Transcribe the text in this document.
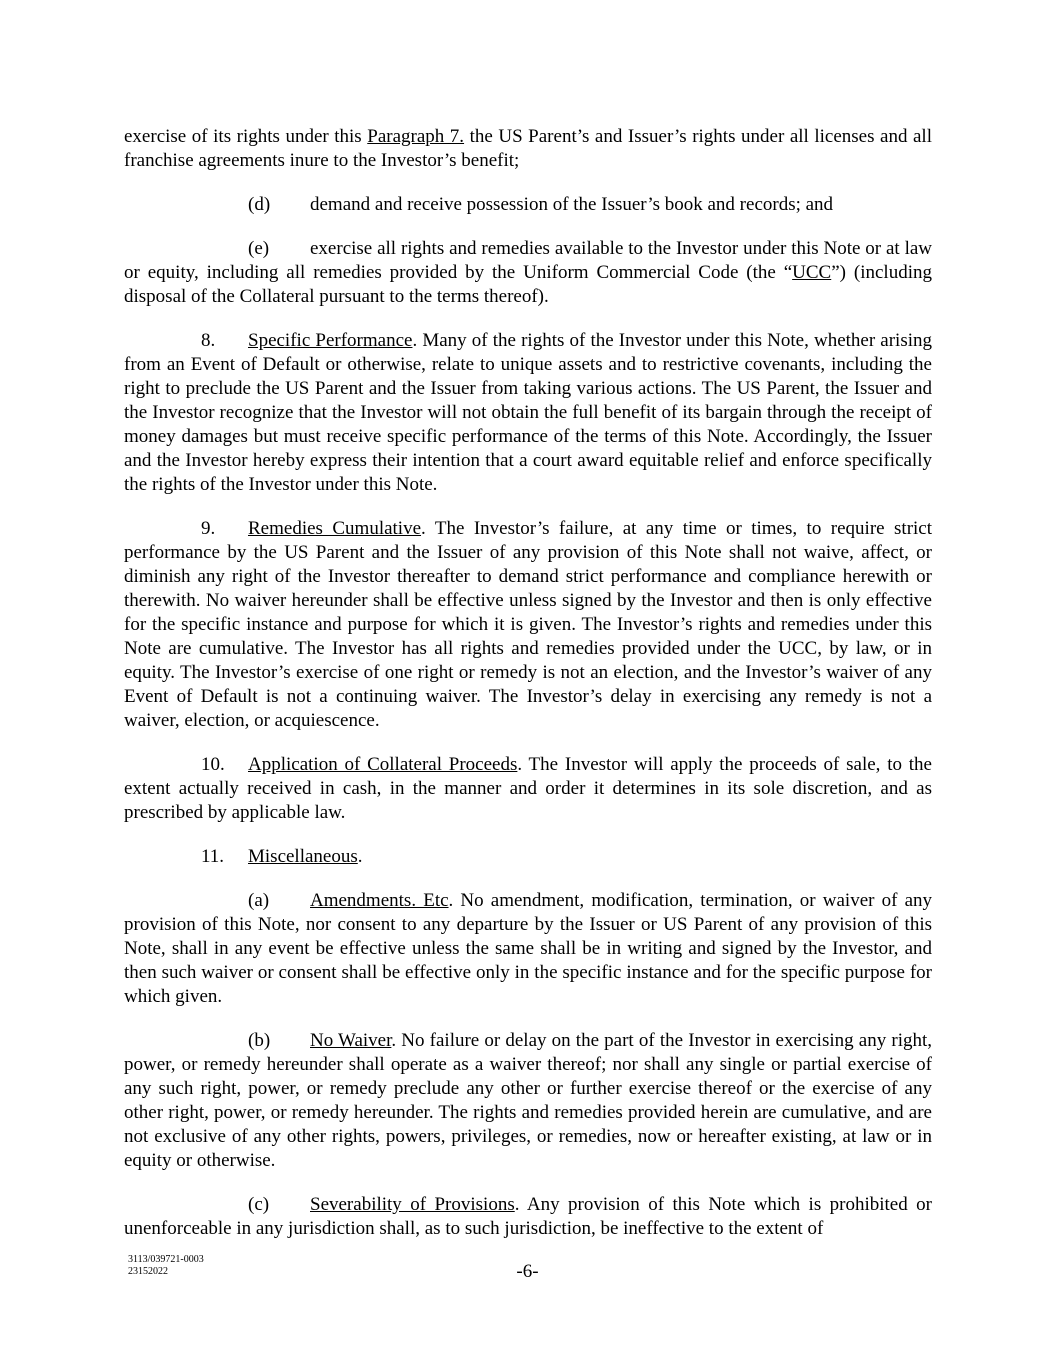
exercise of its rights under this Paragraph 7. the US Parent’s and Issuer’s rights under all licenses and all franchise agreements inure to the Investor’s benefit;

(d) demand and receive possession of the Issuer’s book and records; and

(e) exercise all rights and remedies available to the Investor under this Note or at law or equity, including all remedies provided by the Uniform Commercial Code (the “UCC”) (including disposal of the Collateral pursuant to the terms thereof).

8. Specific Performance. Many of the rights of the Investor under this Note, whether arising from an Event of Default or otherwise, relate to unique assets and to restrictive covenants, including the right to preclude the US Parent and the Issuer from taking various actions. The US Parent, the Issuer and the Investor recognize that the Investor will not obtain the full benefit of its bargain through the receipt of money damages but must receive specific performance of the terms of this Note. Accordingly, the Issuer and the Investor hereby express their intention that a court award equitable relief and enforce specifically the rights of the Investor under this Note.

9. Remedies Cumulative. The Investor’s failure, at any time or times, to require strict performance by the US Parent and the Issuer of any provision of this Note shall not waive, affect, or diminish any right of the Investor thereafter to demand strict performance and compliance herewith or therewith. No waiver hereunder shall be effective unless signed by the Investor and then is only effective for the specific instance and purpose for which it is given. The Investor’s rights and remedies under this Note are cumulative. The Investor has all rights and remedies provided under the UCC, by law, or in equity. The Investor’s exercise of one right or remedy is not an election, and the Investor’s waiver of any Event of Default is not a continuing waiver. The Investor’s delay in exercising any remedy is not a waiver, election, or acquiescence.

10. Application of Collateral Proceeds. The Investor will apply the proceeds of sale, to the extent actually received in cash, in the manner and order it determines in its sole discretion, and as prescribed by applicable law.

11. Miscellaneous.

(a) Amendments. Etc. No amendment, modification, termination, or waiver of any provision of this Note, nor consent to any departure by the Issuer or US Parent of any provision of this Note, shall in any event be effective unless the same shall be in writing and signed by the Investor, and then such waiver or consent shall be effective only in the specific instance and for the specific purpose for which given.

(b) No Waiver. No failure or delay on the part of the Investor in exercising any right, power, or remedy hereunder shall operate as a waiver thereof; nor shall any single or partial exercise of any such right, power, or remedy preclude any other or further exercise thereof or the exercise of any other right, power, or remedy hereunder. The rights and remedies provided herein are cumulative, and are not exclusive of any other rights, powers, privileges, or remedies, now or hereafter existing, at law or in equity or otherwise.

(c) Severability of Provisions. Any provision of this Note which is prohibited or unenforceable in any jurisdiction shall, as to such jurisdiction, be ineffective to the extent of

3113/039721-0003
23152022	-6-
